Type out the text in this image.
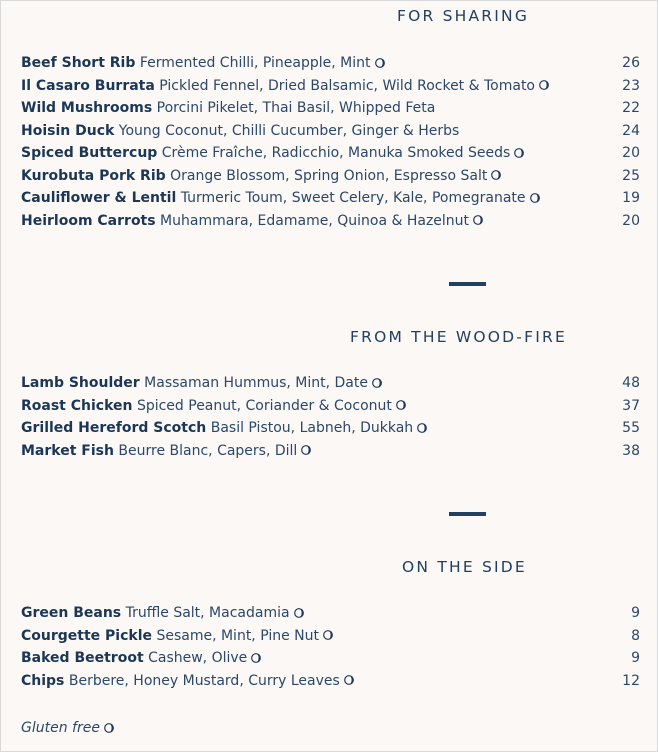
FOR SHARING
Beef Short Rib Fermented Chilli, Pineapple, Mint	26
Il Casaro Burrata Pickled Fennel, Dried Balsamic, Wild Rocket & Tomato	23
Wild Mushrooms Porcini Pikelet, Thai Basil, Whipped Feta	22
Hoisin Duck Young Coconut, Chilli Cucumber, Ginger & Herbs	24
Spiced Buttercup Crème Fraîche, Radicchio, Manuka Smoked Seeds	20
Kurobuta Pork Rib Orange Blossom, Spring Onion, Espresso Salt	25
Cauliflower & Lentil Turmeric Toum, Sweet Celery, Kale, Pomegranate	19
Heirloom Carrots Muhammara, Edamame, Quinoa & Hazelnut	20
FROM THE WOOD-FIRE
Lamb Shoulder Massaman Hummus, Mint, Date	48
Roast Chicken Spiced Peanut, Coriander & Coconut	37
Grilled Hereford Scotch Basil Pistou, Labneh, Dukkah	55
Market Fish Beurre Blanc, Capers, Dill	38
ON THE SIDE
Green Beans Truffle Salt, Macadamia	9
Courgette Pickle Sesame, Mint, Pine Nut	8
Baked Beetroot Cashew, Olive	9
Chips Berbere, Honey Mustard, Curry Leaves	12
Gluten free
